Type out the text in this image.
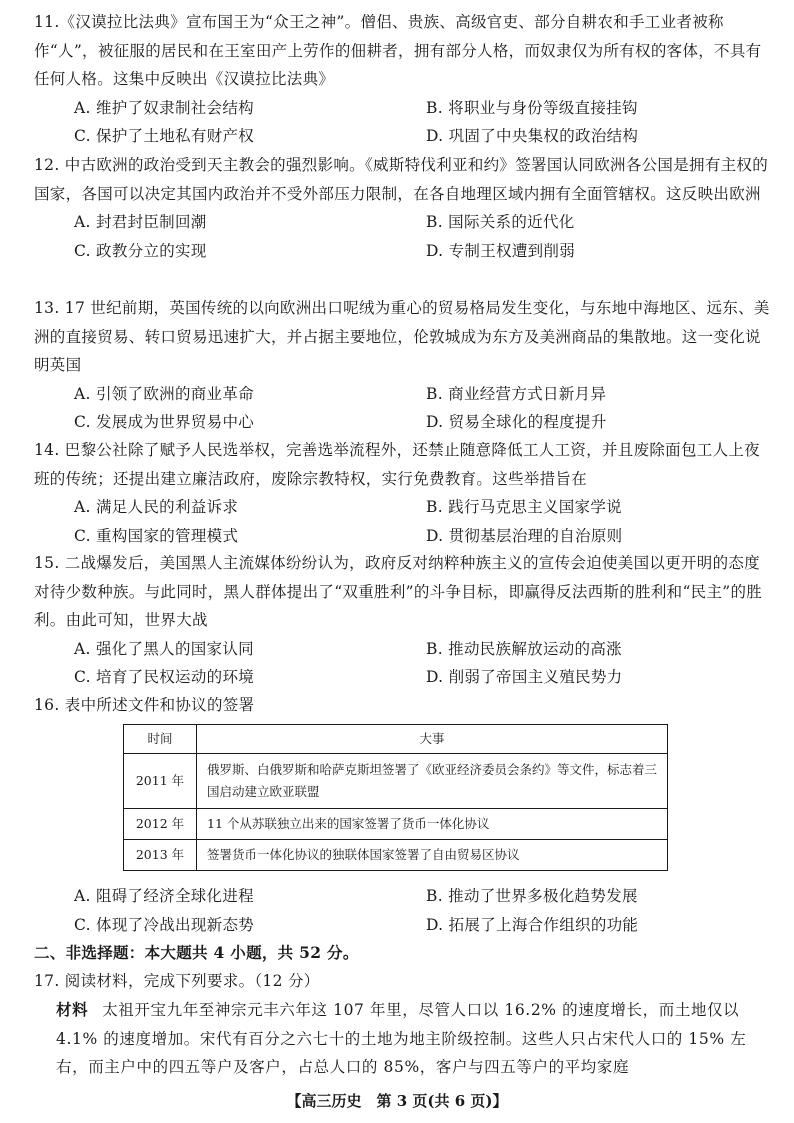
11.《汉谟拉比法典》宣布国王为“众王之神”。僧侣、贵族、高级官吏、部分自耕农和手工业者被称作“人”，被征服的居民和在王室田产上劳作的佃耕者，拥有部分人格，而奴隶仅为所有权的客体，不具有任何人格。这集中反映出《汉谟拉比法典》
A. 维护了奴隶制社会结构	B. 将职业与身份等级直接挂钩
C. 保护了土地私有财产权	D. 巩固了中央集权的政治结构
12. 中古欧洲的政治受到天主教会的强烈影响。《威斯特伐利亚和约》签署国认同欧洲各公国是拥有主权的国家，各国可以决定其国内政治并不受外部压力限制，在各自地理区域内拥有全面管辖权。这反映出欧洲
A. 封君封臣制回潮	B. 国际关系的近代化
C. 政教分立的实现	D. 专制王权遭到削弱
13. 17 世纪前期，英国传统的以向欧洲出口呢绒为重心的贸易格局发生变化，与东地中海地区、远东、美洲的直接贸易、转口贸易迅速扩大，并占据主要地位，伦敦城成为东方及美洲商品的集散地。这一变化说明英国
A. 引领了欧洲的商业革命	B. 商业经营方式日新月异
C. 发展成为世界贸易中心	D. 贸易全球化的程度提升
14. 巴黎公社除了赋予人民选举权，完善选举流程外，还禁止随意降低工人工资，并且废除面包工人上夜班的传统；还提出建立廉洁政府，废除宗教特权，实行免费教育。这些举措旨在
A. 满足人民的利益诉求	B. 践行马克思主义国家学说
C. 重构国家的管理模式	D. 贯彻基层治理的自治原则
15. 二战爆发后，美国黑人主流媒体纷纷认为，政府反对纳粹种族主义的宣传会迫使美国以更开明的态度对待少数种族。与此同时，黑人群体提出了“双重胜利”的斗争目标，即赢得反法西斯的胜利和“民主”的胜利。由此可知，世界大战
A. 强化了黑人的国家认同	B. 推动民族解放运动的高涨
C. 培育了民权运动的环境	D. 削弱了帝国主义殖民势力
16. 表中所述文件和协议的签署
时间	大事
2011 年	俄罗斯、白俄罗斯和哈萨克斯坦签署了《欧亚经济委员会条约》等文件，标志着三国启动建立欧亚联盟
2012 年	11 个从苏联独立出来的国家签署了货币一体化协议
2013 年	签署货币一体化协议的独联体国家签署了自由贸易区协议
A. 阻碍了经济全球化进程	B. 推动了世界多极化趋势发展
C. 体现了冷战出现新态势	D. 拓展了上海合作组织的功能
二、非选择题：本大题共 4 小题，共 52 分。
17. 阅读材料，完成下列要求。（12 分）
材料 太祖开宝九年至神宗元丰六年这 107 年里，尽管人口以 16.2% 的速度增长，而土地仅以 4.1% 的速度增加。宋代有百分之六七十的土地为地主阶级控制。这些人只占宋代人口的 15% 左右，而主户中的四五等户及客户，占总人口的 85%，客户与四五等户的平均家庭
【高三历史　第 3 页(共 6 页)】
